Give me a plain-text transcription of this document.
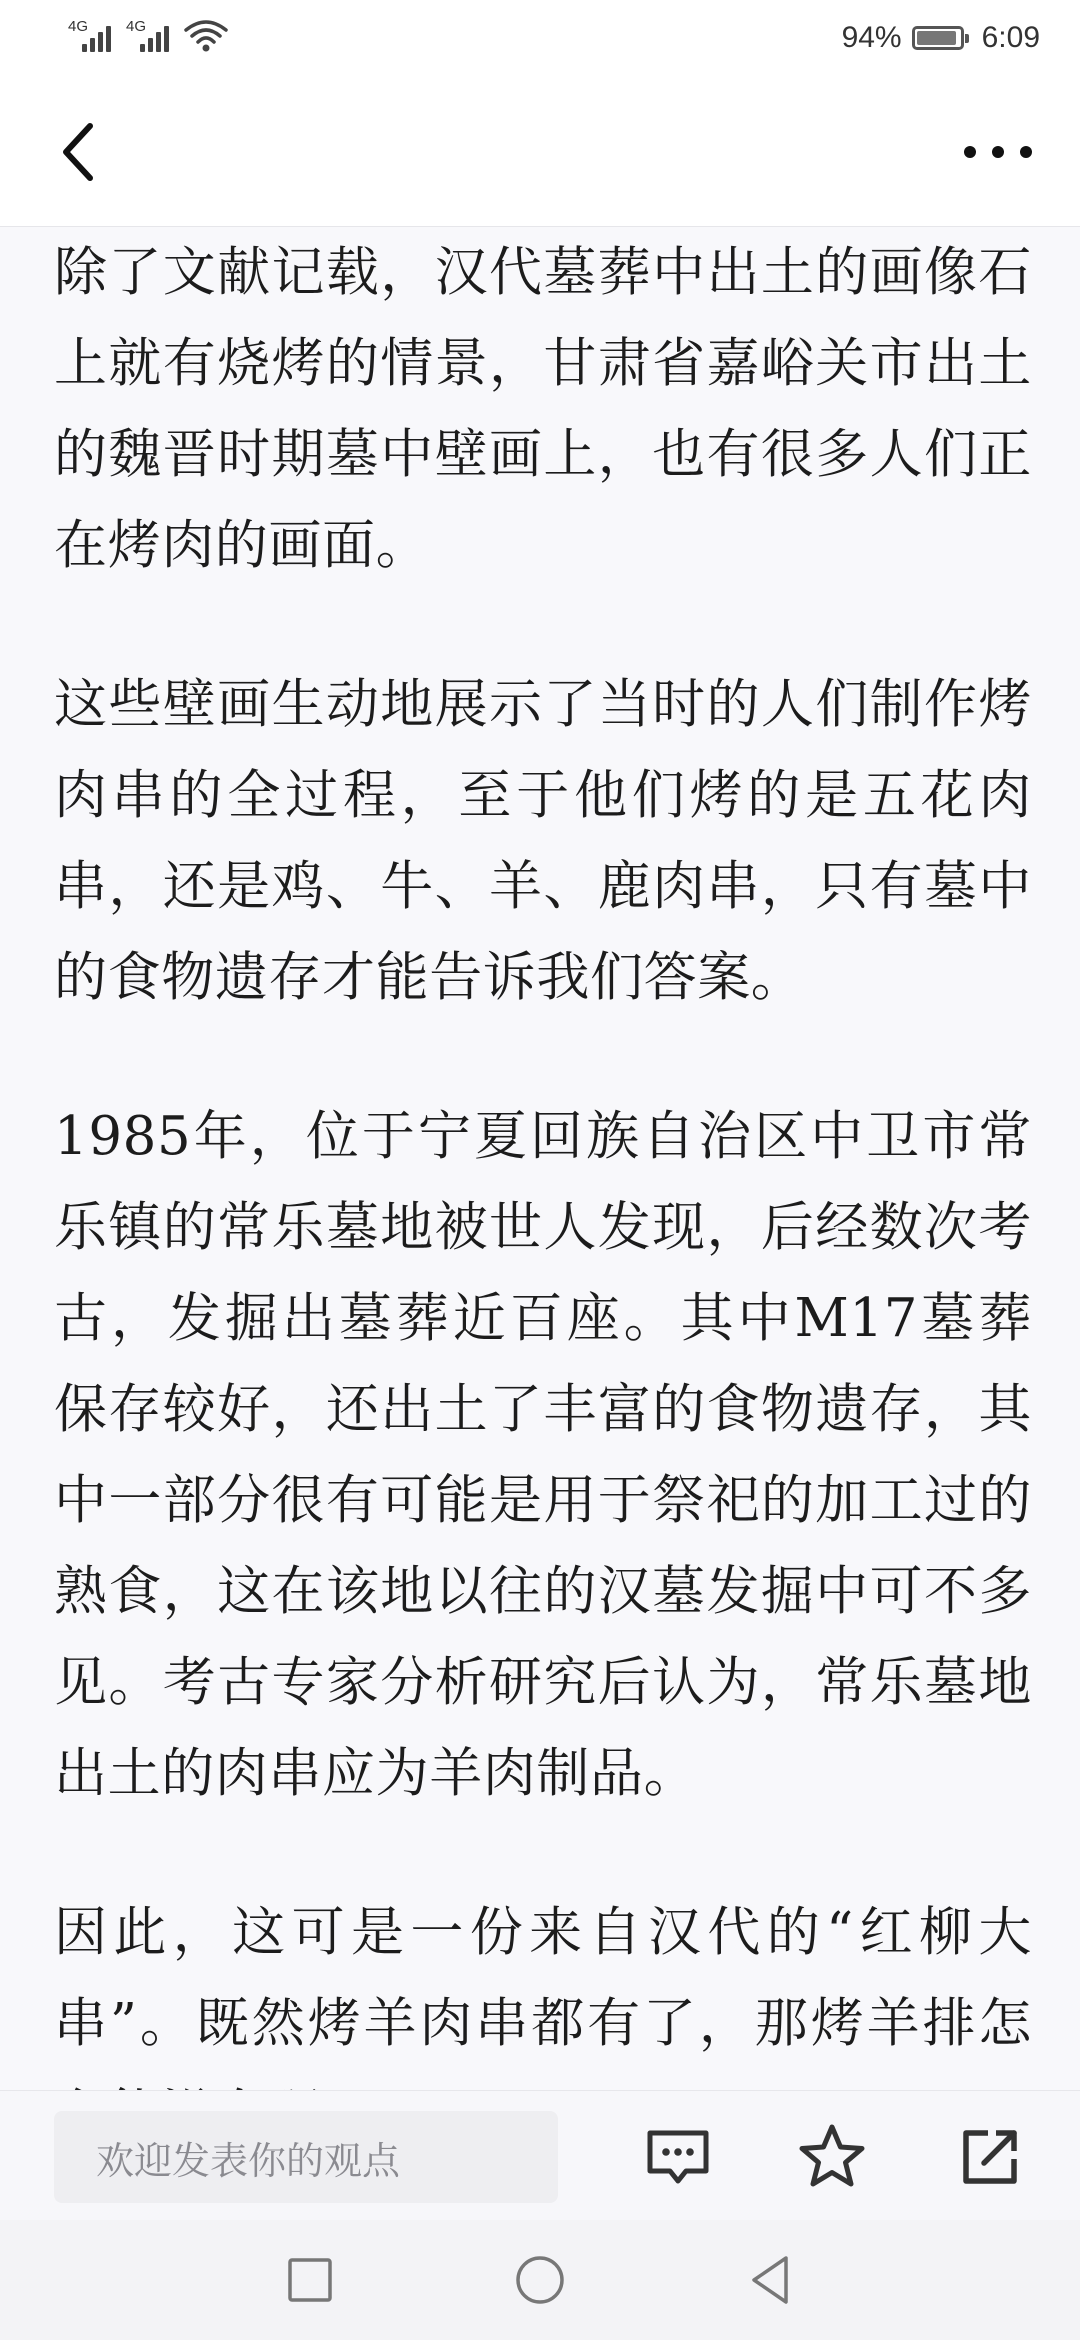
4G	4G	94%	6:09

除了文献记载，汉代墓葬中出土的画像石上就有烧烤的情景，甘肃省嘉峪关市出土的魏晋时期墓中壁画上，也有很多人们正在烤肉的画面。

这些壁画生动地展示了当时的人们制作烤肉串的全过程，至于他们烤的是五花肉串，还是鸡、牛、羊、鹿肉串，只有墓中的食物遗存才能告诉我们答案。

1985年，位于宁夏回族自治区中卫市常乐镇的常乐墓地被世人发现，后经数次考古，发掘出墓葬近百座。其中M17墓葬保存较好，还出土了丰富的食物遗存，其中一部分很有可能是用于祭祀的加工过的熟食，这在该地以往的汉墓发掘中可不多见。考古专家分析研究后认为，常乐墓地出土的肉串应为羊肉制品。

因此，这可是一份来自汉代的“红柳大串”。既然烤羊肉串都有了，那烤羊排怎

欢迎发表你的观点
